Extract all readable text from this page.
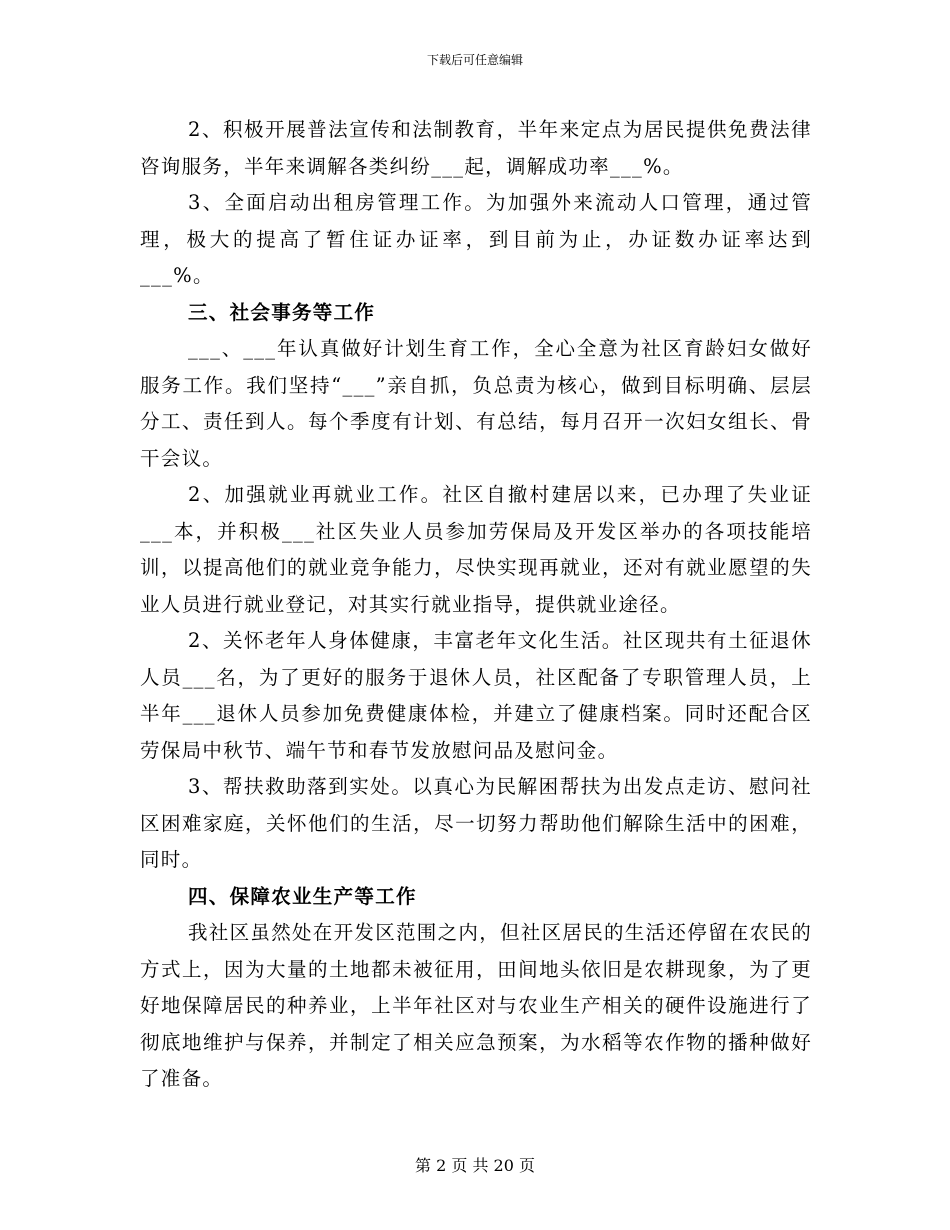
下载后可任意编辑

2、积极开展普法宣传和法制教育，半年来定点为居民提供免费法律咨询服务，半年来调解各类纠纷___起，调解成功率___%。

3、全面启动出租房管理工作。为加强外来流动人口管理，通过管理，极大的提高了暂住证办证率，到目前为止，办证数办证率达到___%。

三、社会事务等工作

___、___年认真做好计划生育工作，全心全意为社区育龄妇女做好服务工作。我们坚持“___”亲自抓，负总责为核心，做到目标明确、层层分工、责任到人。每个季度有计划、有总结，每月召开一次妇女组长、骨干会议。

2、加强就业再就业工作。社区自撤村建居以来，已办理了失业证___本，并积极___社区失业人员参加劳保局及开发区举办的各项技能培训，以提高他们的就业竞争能力，尽快实现再就业，还对有就业愿望的失业人员进行就业登记，对其实行就业指导，提供就业途径。

2、关怀老年人身体健康，丰富老年文化生活。社区现共有土征退休人员___名，为了更好的服务于退休人员，社区配备了专职管理人员，上半年___退休人员参加免费健康体检，并建立了健康档案。同时还配合区劳保局中秋节、端午节和春节发放慰问品及慰问金。

3、帮扶救助落到实处。以真心为民解困帮扶为出发点走访、慰问社区困难家庭，关怀他们的生活，尽一切努力帮助他们解除生活中的困难，同时。

四、保障农业生产等工作

我社区虽然处在开发区范围之内，但社区居民的生活还停留在农民的方式上，因为大量的土地都未被征用，田间地头依旧是农耕现象，为了更好地保障居民的种养业，上半年社区对与农业生产相关的硬件设施进行了彻底地维护与保养，并制定了相关应急预案，为水稻等农作物的播种做好了准备。

第 2 页 共 20 页
